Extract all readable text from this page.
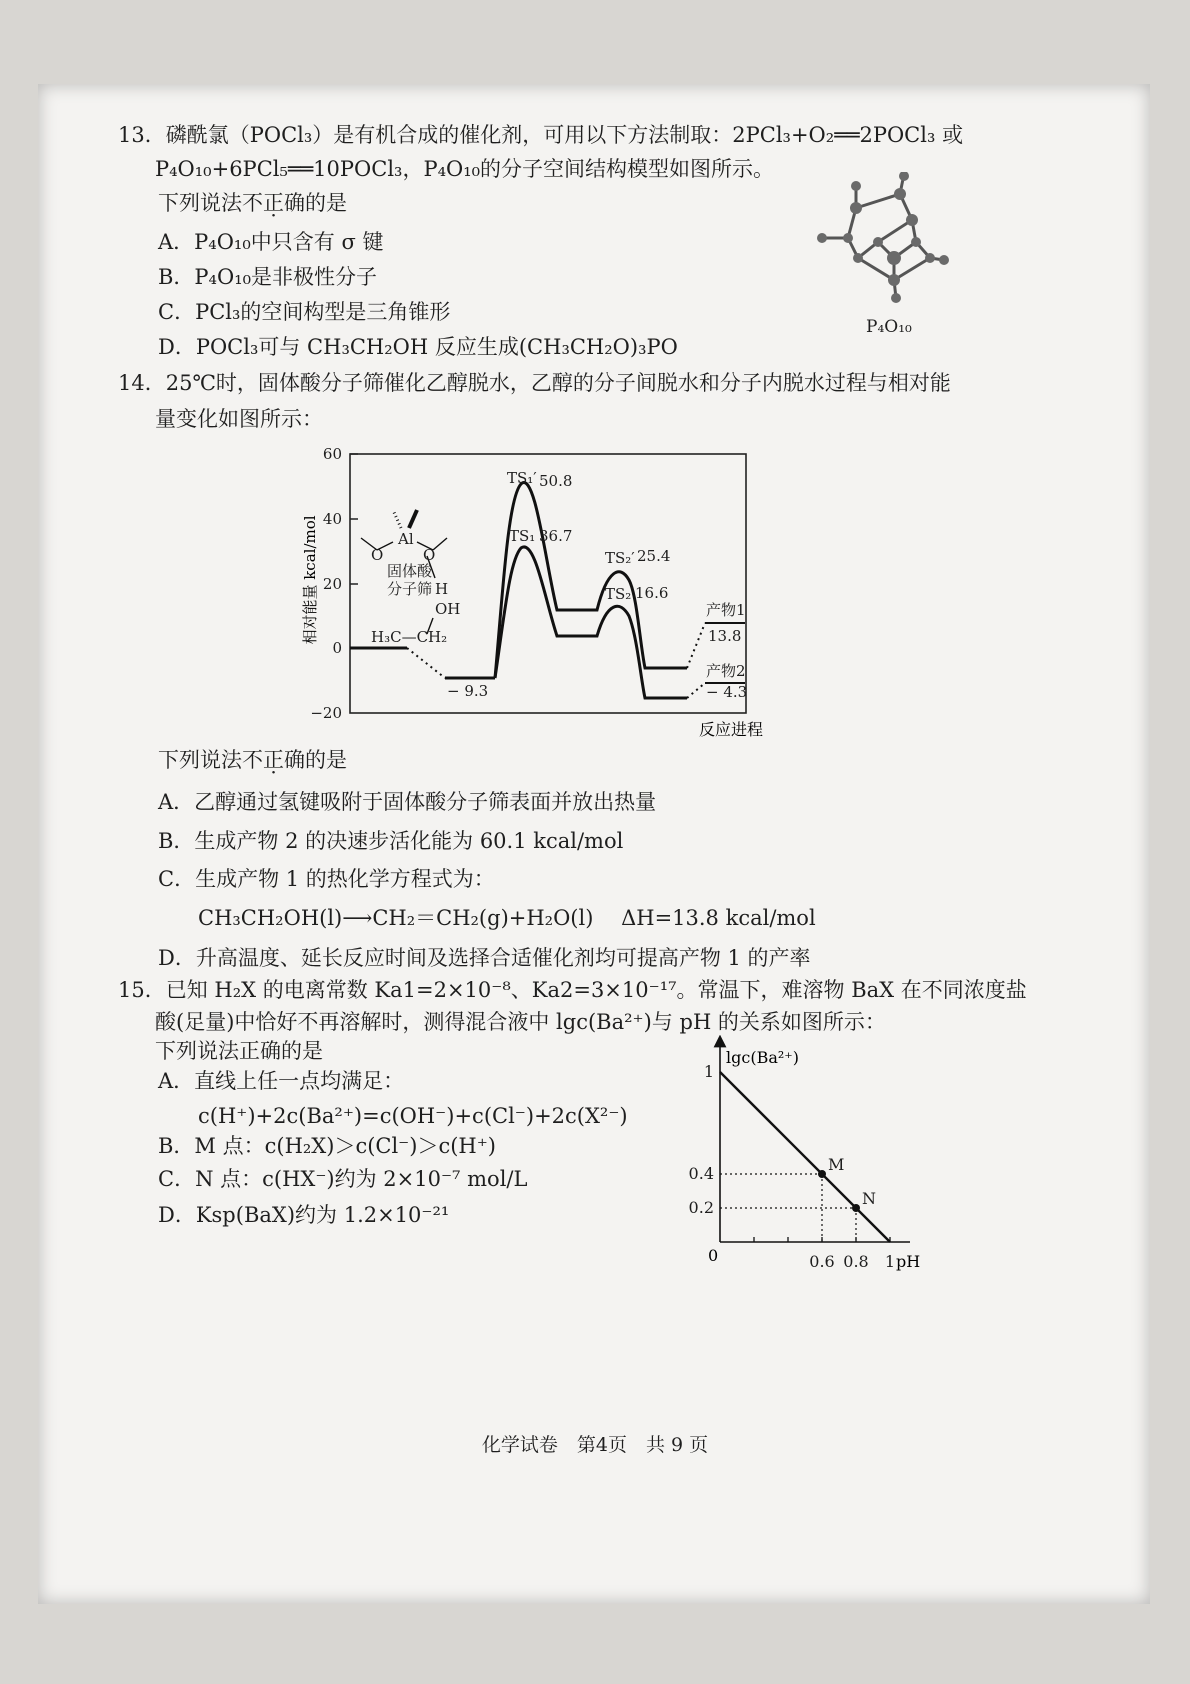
13．磷酰氯（POCl₃）是有机合成的催化剂，可用以下方法制取：2PCl₃+O₂══2POCl₃ 或
P₄O₁₀+6PCl₅══10POCl₃，P₄O₁₀的分子空间结构模型如图所示。
下列说法不正确的是
A．P₄O₁₀中只含有 σ 键
B．P₄O₁₀是非极性分子
C．PCl₃的空间构型是三角锥形
D．POCl₃可与 CH₃CH₂OH 反应生成(CH₃CH₂O)₃PO
P₄O₁₀
14．25℃时，固体酸分子筛催化乙醇脱水，乙醇的分子间脱水和分子内脱水过程与相对能
量变化如图所示：
60
40
20
0
−20
相对能量 kcal/mol
反应进程
TS₁′ 50.8
TS₁ 36.7
TS₂′ 25.4
TS₂ 16.6
− 9.3
产物1
13.8
产物2
− 4.3
O
Al
O
固体酸
分子筛 H
OH
H₃C—CH₂
下列说法不正确的是
A．乙醇通过氢键吸附于固体酸分子筛表面并放出热量
B．生成产物 2 的决速步活化能为 60.1 kcal/mol
C．生成产物 1 的热化学方程式为：
CH₃CH₂OH(l)⟶CH₂＝CH₂(g)+H₂O(l)　 ΔH=13.8 kcal/mol
D．升高温度、延长反应时间及选择合适催化剂均可提高产物 1 的产率
15．已知 H₂X 的电离常数 Ka1=2×10⁻⁸、Ka2=3×10⁻¹⁷。常温下，难溶物 BaX 在不同浓度盐
酸(足量)中恰好不再溶解时，测得混合液中 lgc(Ba²⁺)与 pH 的关系如图所示：
下列说法正确的是
A．直线上任一点均满足：
c(H⁺)+2c(Ba²⁺)=c(OH⁻)+c(Cl⁻)+2c(X²⁻)
B．M 点：c(H₂X)＞c(Cl⁻)＞c(H⁺)
C．N 点：c(HX⁻)约为 2×10⁻⁷ mol/L
D．Ksp(BaX)约为 1.2×10⁻²¹
lgc(Ba²⁺)
pH
0
M
N
0.6 0.8 1
1
0.4
0.2
化学试卷　第4页　共 9 页
